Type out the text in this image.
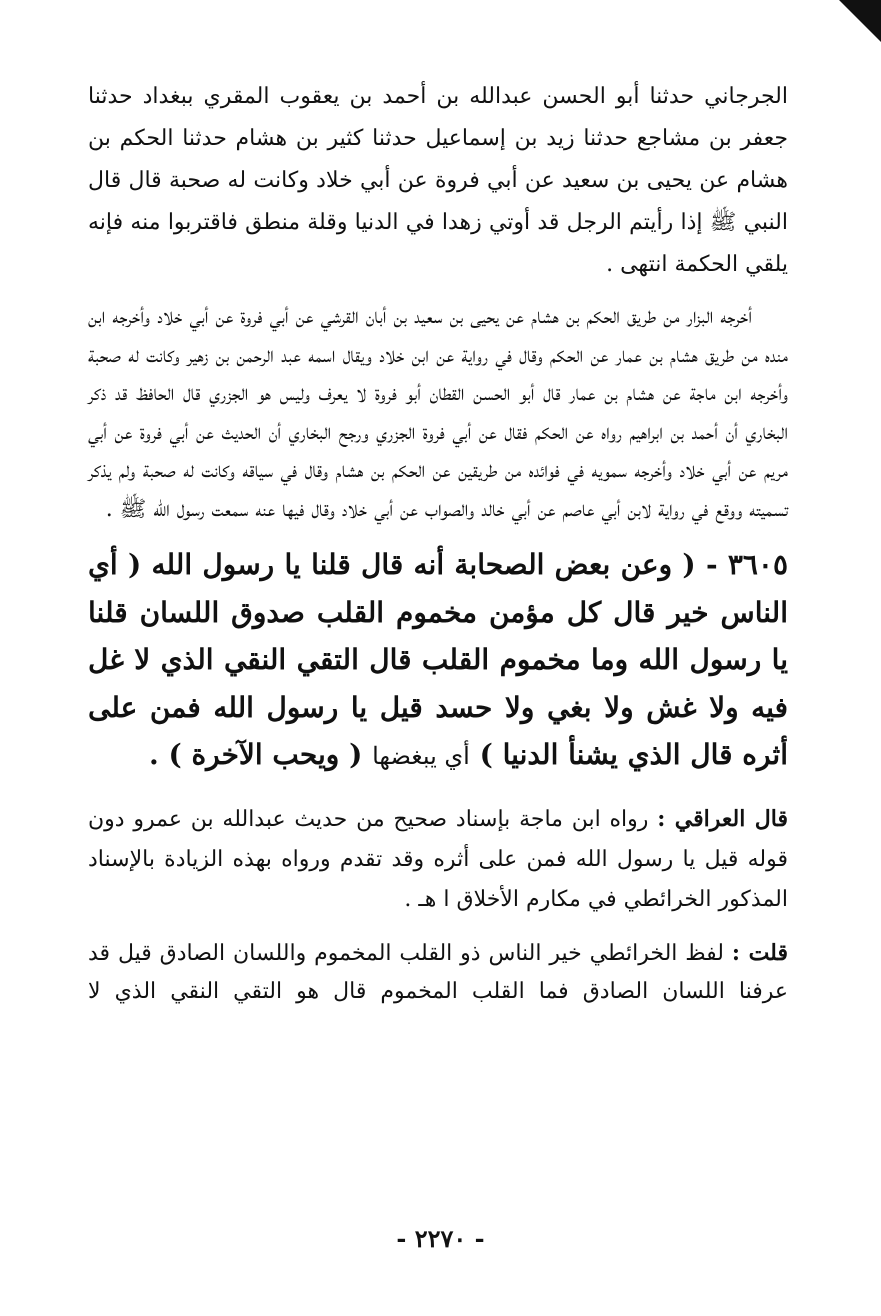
الجرجاني حدثنا أبو الحسن عبدالله بن أحمد بن يعقوب المقري ببغداد حدثنا جعفر بن مشاجع حدثنا زيد بن إسماعيل حدثنا كثير بن هشام حدثنا الحكم بن هشام عن يحيى بن سعيد عن أبي فروة عن أبي خلاد وكانت له صحبة قال قال النبي ﷺ إذا رأيتم الرجل قد أوتي زهدا في الدنيا وقلة منطق فاقتربوا منه فإنه يلقي الحكمة انتهى .

أخرجه البزار من طريق الحكم بن هشام عن يحيى بن سعيد بن أبان القرشي عن أبي فروة عن أبي خلاد وأخرجه ابن منده من طريق هشام بن عمار عن الحكم وقال في رواية عن ابن خلاد ويقال اسمه عبد الرحمن بن زهير وكانت له صحبة وأخرجه ابن ماجة عن هشام بن عمار قال أبو الحسن القطان أبو فروة لا يعرف وليس هو الجزري قال الحافظ قد ذكر البخاري أن أحمد بن ابراهيم رواه عن الحكم فقال عن أبي فروة الجزري ورجح البخاري أن الحديث عن أبي فروة عن أبي مريم عن أبي خلاد وأخرجه سمويه في فوائده من طريقين عن الحكم بن هشام وقال في سياقه وكانت له صحبة ولم يذكر تسميته ووقع في رواية لابن أبي عاصم عن أبي خالد والصواب عن أبي خلاد وقال فيها عنه سمعت رسول الله ﷺ .

٣٦٠٥ - ( وعن بعض الصحابة أنه قال قلنا يا رسول الله ( أي الناس خير قال كل مؤمن مخموم القلب صدوق اللسان قلنا يا رسول الله وما مخموم القلب قال التقي النقي الذي لا غل فيه ولا غش ولا بغي ولا حسد قيل يا رسول الله فمن على أثره قال الذي يشنأ الدنيا ) أي يبغضها ( ويحب الآخرة ) .

قال العراقي : رواه ابن ماجة بإسناد صحيح من حديث عبدالله بن عمرو دون قوله قيل يا رسول الله فمن على أثره وقد تقدم ورواه بهذه الزيادة بالإسناد المذكور الخرائطي في مكارم الأخلاق ا هـ .

قلت : لفظ الخرائطي خير الناس ذو القلب المخموم واللسان الصادق قيل قد عرفنا اللسان الصادق فما القلب المخموم قال هو التقي النقي الذي لا

- ٢٢٧٠ -
